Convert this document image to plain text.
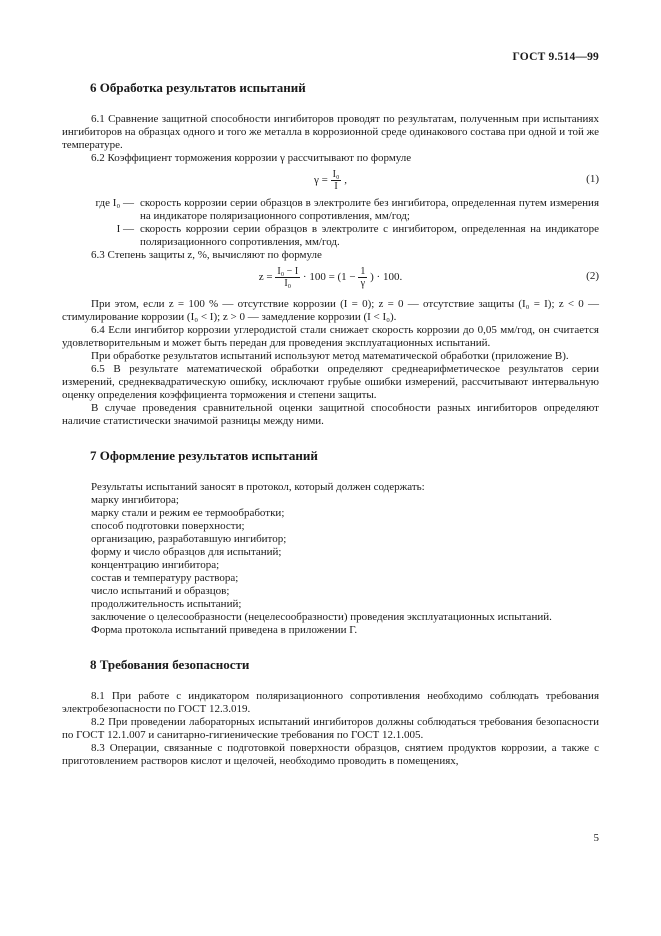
ГОСТ 9.514—99
6 Обработка результатов испытаний

6.1 Сравнение защитной способности ингибиторов проводят по результатам, полученным при испытаниях ингибиторов на образцах одного и того же металла в коррозионной среде одинакового состава при одной и той же температуре.

6.2 Коэффициент торможения коррозии γ рассчитывают по формуле

$\gamma = \frac{\text{I₀}}{I}$ ,	(1)
где I₀ — скорость коррозии серии образцов в электролите без ингибитора, определенная путем измерения на индикаторе поляризационного сопротивления, мм/год;
I — скорость коррозии серии образцов в электролите с ингибитором, определенная на индикаторе поляризационного сопротивления, мм/год.

6.3 Степень защиты z, %, вычисляют по формуле

$z = \frac{\text{I₀ − I}}{\text{I₀}} \cdot 100 = (1 - \frac{1}{\gamma}$ ) · 100.	(2)

При этом, если z = 100 % — отсутствие коррозии (I = 0); z = 0 — отсутствие защиты (I₀ = I); z < 0 — стимулирование коррозии (I₀ < I); z > 0 — замедление коррозии (I < I₀).

6.4 Если ингибитор коррозии углеродистой стали снижает скорость коррозии до 0,05 мм/год, он считается удовлетворительным и может быть передан для проведения эксплуатационных испытаний.

При обработке результатов испытаний используют метод математической обработки (приложение В).

6.5 В результате математической обработки определяют среднеарифметическое результатов серии измерений, среднеквадратическую ошибку, исключают грубые ошибки измерений, рассчитывают интервальную оценку определения коэффициента торможения и степени защиты.

В случае проведения сравнительной оценки защитной способности разных ингибиторов определяют наличие статистически значимой разницы между ними.

7 Оформление результатов испытаний

Результаты испытаний заносят в протокол, который должен содержать:

марку ингибитора;

марку стали и режим ее термообработки;

способ подготовки поверхности;

организацию, разработавшую ингибитор;

форму и число образцов для испытаний;

концентрацию ингибитора;

состав и температуру раствора;

число испытаний и образцов;

продолжительность испытаний;

заключение о целесообразности (нецелесообразности) проведения эксплуатационных испытаний.

Форма протокола испытаний приведена в приложении Г.

8 Требования безопасности

8.1 При работе с индикатором поляризационного сопротивления необходимо соблюдать требования электробезопасности по ГОСТ 12.3.019.

8.2 При проведении лабораторных испытаний ингибиторов должны соблюдаться требования безопасности по ГОСТ 12.1.007 и санитарно-гигиенические требования по ГОСТ 12.1.005.

8.3 Операции, связанные с подготовкой поверхности образцов, снятием продуктов коррозии, а также с приготовлением растворов кислот и щелочей, необходимо проводить в помещениях,

5
